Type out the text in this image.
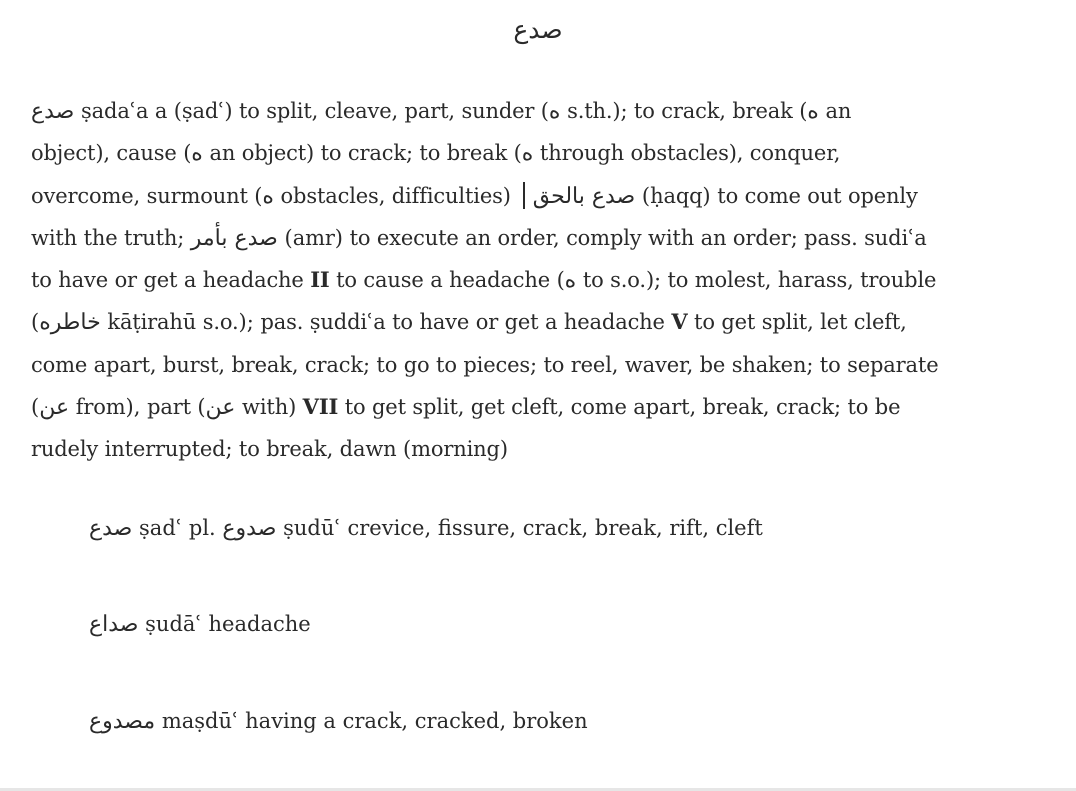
صدع
صدع ṣadaʿa a (ṣadʿ) to split, cleave, part, sunder (ه s.th.); to crack, break (ه an
object), cause (ه an object) to crack; to break (ه through obstacles), conquer,
overcome, surmount (ه obstacles, difficulties) صدع بالحق (ḥaqq) to come out openly
with the truth; صدع بأمر (amr) to execute an order, comply with an order; pass. sudiʿa
to have or get a headache II to cause a headache (ه to s.o.); to molest, harass, trouble
(خاطره kāṭirahū s.o.); pas. ṣuddiʿa to have or get a headache V to get split, let cleft,
come apart, burst, break, crack; to go to pieces; to reel, waver, be shaken; to separate
(عن from), part (عن with) VII to get split, get cleft, come apart, break, crack; to be
rudely interrupted; to break, dawn (morning)
صدع ṣadʿ pl. صدوع ṣudūʿ crevice, fissure, crack, break, rift, cleft
صداع ṣudāʿ headache
مصدوع maṣdūʿ having a crack, cracked, broken
